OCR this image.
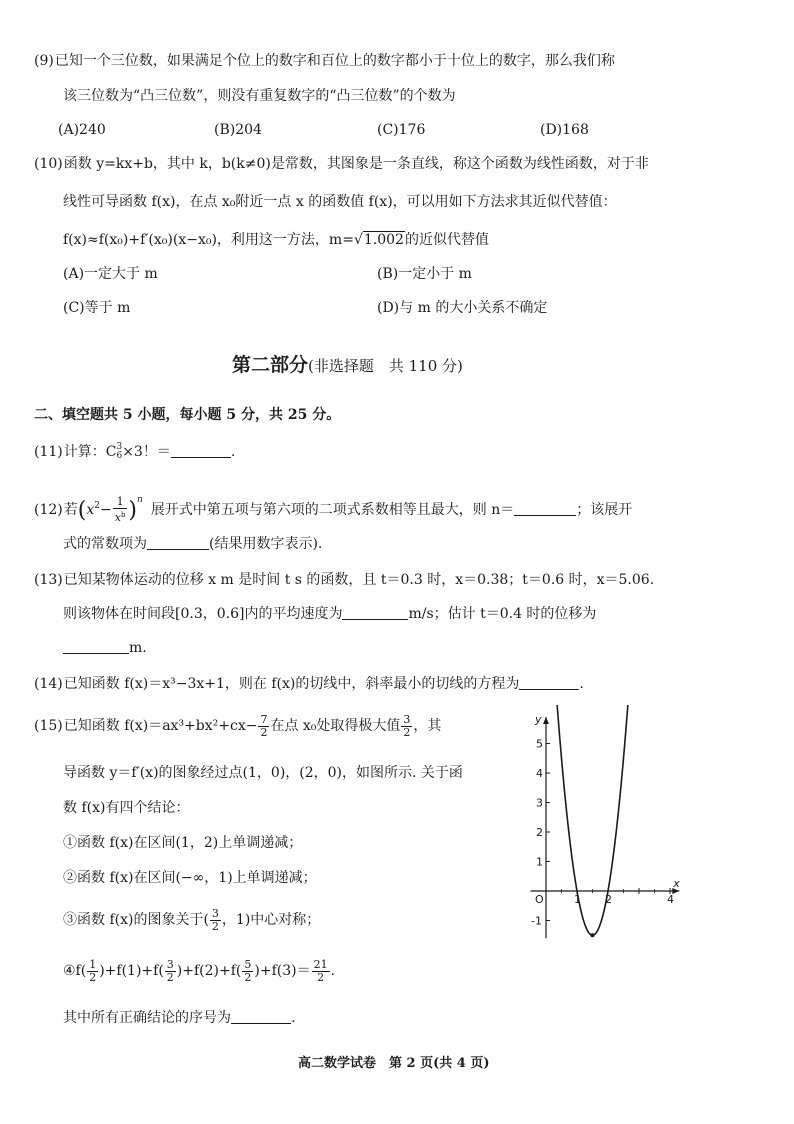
(9)已知一个三位数，如果满足个位上的数字和百位上的数字都小于十位上的数字，那么我们称
该三位数为“凸三位数”，则没有重复数字的“凸三位数”的个数为
(A)240	(B)204	(C)176	(D)168
(10)函数 y=kx+b，其中 k，b(k≠0)是常数，其图象是一条直线，称这个函数为线性函数，对于非
线性可导函数 f(x)，在点 x₀附近一点 x 的函数值 f(x)，可以用如下方法求其近似代替值：
f(x)≈f(x₀)+f′(x₀)(x−x₀)，利用这一方法，m=√1.002的近似代替值
(A)一定大于 m	(B)一定小于 m
(C)等于 m	(D)与 m 的大小关系不确定
第二部分(非选择题　共 110 分)
二、填空题共 5 小题，每小题 5 分，共 25 分。
(11)计算：C 3
6 ×3！＝	.
(12)若$(x^2- \frac{1}{x^b} )^n$展开式中第五项与第六项的二项式系数相等且最大，则 n＝	；该展开
式的常数项为	(结果用数字表示).
(13)已知某物体运动的位移 x m 是时间 t s 的函数，且 t＝0.3 时，x＝0.38；t＝0.6 时，x＝5.06.
则该物体在时间段[0.3，0.6]内的平均速度为	m/s；估计 t＝0.4 时的位移为
m.
(14)已知函数 f(x)＝x³−3x+1，则在 f(x)的切线中，斜率最小的切线的方程为	.
(15)已知函数 $f(x)=ax^3+bx^2+cx- \frac{7}{2}$ 在点 x₀处取得极大值 $\frac{3}{2}$ ，其
导函数 y＝f′(x)的图象经过点(1，0)，(2，0)，如图所示. 关于函
数 f(x)有四个结论：
①函数 f(x)在区间(1，2)上单调递减；
②函数 f(x)在区间(−∞，1)上单调递减；
③函数 f(x)的图象关于( $\frac{3}{2}$ ，1)中心对称；
④f( $\frac{1}{2} )+f(1)+f( \frac{3}{2} )+f(2)+f( \frac{5}{2} )+f(3)= \frac{21}{2}$ .
其中所有正确结论的序号为	.
1 2	4
-1
1
2
3
4
5
x
y
O
高二数学试卷　第 2 页(共 4 页)
